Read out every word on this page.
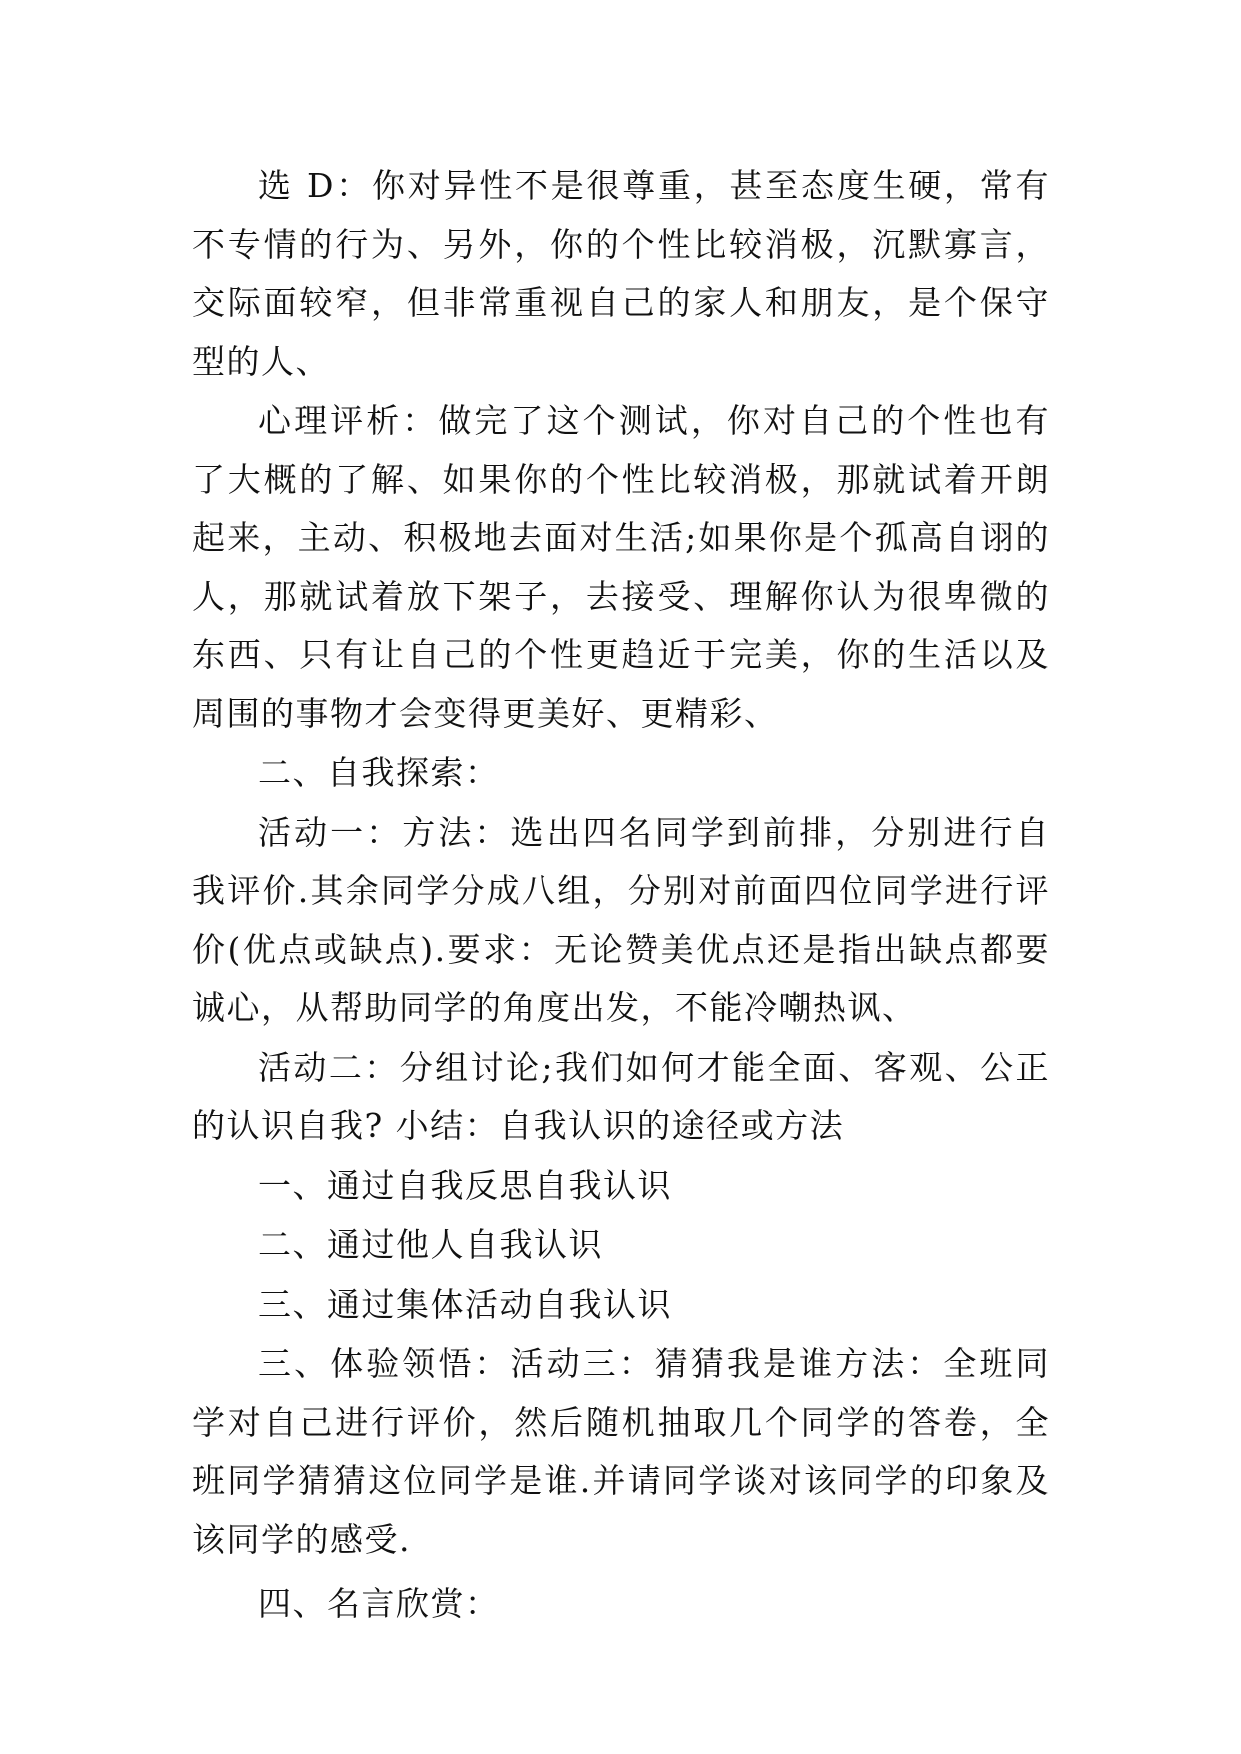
选 D：你对异性不是很尊重，甚至态度生硬，常有不专情的行为、另外，你的个性比较消极，沉默寡言，交际面较窄，但非常重视自己的家人和朋友，是个保守型的人、

心理评析：做完了这个测试，你对自己的个性也有了大概的了解、如果你的个性比较消极，那就试着开朗起来，主动、积极地去面对生活;如果你是个孤高自诩的人，那就试着放下架子，去接受、理解你认为很卑微的东西、只有让自己的个性更趋近于完美，你的生活以及周围的事物才会变得更美好、更精彩、

二、自我探索：

活动一：方法：选出四名同学到前排，分别进行自我评价.其余同学分成八组，分别对前面四位同学进行评价(优点或缺点).要求：无论赞美优点还是指出缺点都要诚心，从帮助同学的角度出发，不能冷嘲热讽、

活动二：分组讨论;我们如何才能全面、客观、公正的认识自我? 小结：自我认识的途径或方法

一、通过自我反思自我认识

二、通过他人自我认识

三、通过集体活动自我认识

三、体验领悟：活动三：猜猜我是谁方法：全班同学对自己进行评价，然后随机抽取几个同学的答卷，全班同学猜猜这位同学是谁.并请同学谈对该同学的印象及该同学的感受.

四、名言欣赏：
